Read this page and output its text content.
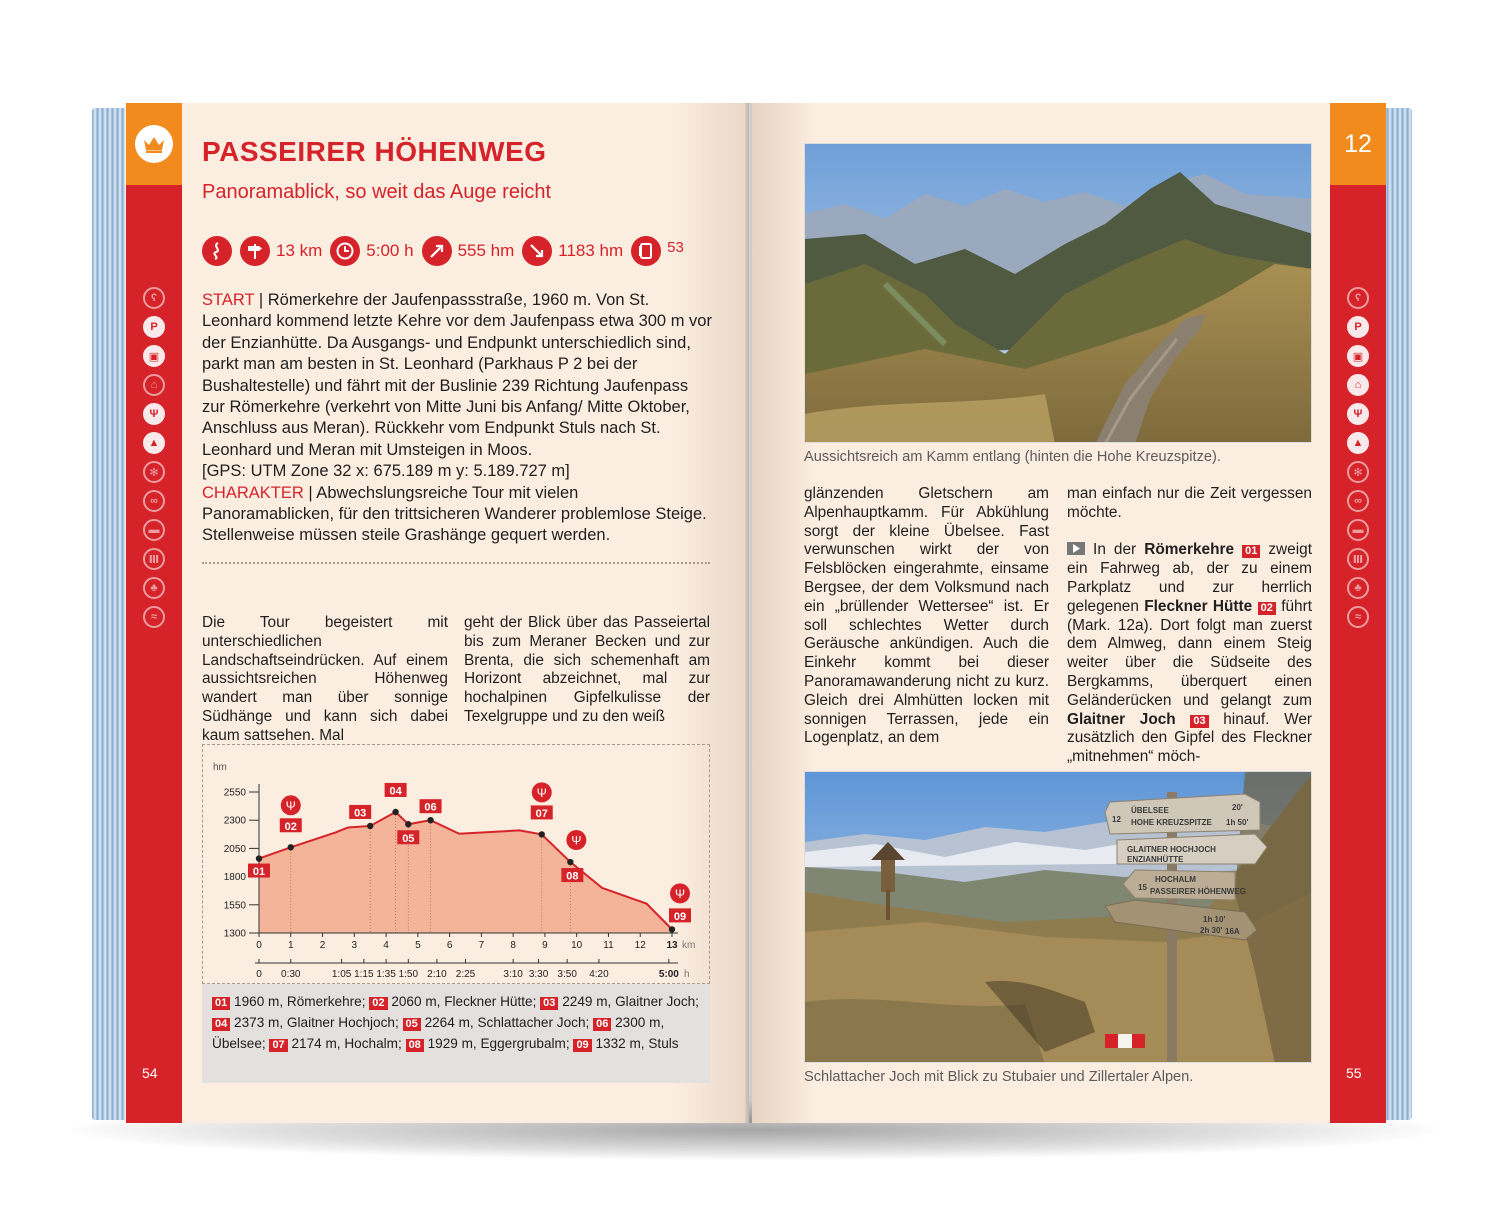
ʕ
P
▣
⌂
Ψ
▲
✻
∞
▬
Ⅲ
♣
≈
54
PASSEIRER HÖHENWEG
Panoramablick, so weit das Auge reicht
13 km	5:00 h	555 hm	1183 hm	53
START | Römerkehre der Jaufenpassstraße, 1960 m. Von St. Leonhard kommend letzte Kehre vor dem Jaufenpass etwa 300 m vor der Enzianhütte. Da Ausgangs- und Endpunkt unterschiedlich sind, parkt man am besten in St. Leonhard (Parkhaus P 2 bei der Bushaltestelle) und fährt mit der Buslinie 239 Richtung Jaufenpass zur Römerkehre (verkehrt von Mitte Juni bis Anfang/ Mitte Oktober, Anschluss aus Meran). Rückkehr vom Endpunkt Stuls nach St. Leonhard und Meran mit Umsteigen in Moos.
[GPS: UTM Zone 32 x: 675.189 m y: 5.189.727 m]
CHARAKTER | Abwechslungsreiche Tour mit vielen Panoramablicken, für den trittsicheren Wanderer problemlose Steige. Stellenweise müssen steile Grashänge gequert werden.
Die Tour begeistert mit unterschiedlichen Landschaftseindrücken. Auf einem aussichtsreichen Höhenweg wandert man über sonnige Südhänge und kann sich dabei kaum sattsehen. Mal
geht der Blick über das Passeiertal bis zum Meraner Becken und zur Brenta, die sich schemenhaft am Horizont abzeichnet, mal zur hochalpinen Gipfelkulisse der Texelgruppe und zu den weiß
hm
1300
1550
1800
2050
2300
2550
0	1	2	3	4	5	6	7	8	9 10 11 12 13 km
0 0:30	1:05 1:15 1:35 1:50 2:10 2:25	3:10 3:30 3:50 4:20	5:00 h
01
02
Ψ
03
04
05
06
07
Ψ
08
Ψ
09
Ψ
01 1960 m, Römerkehre; 02 2060 m, Fleckner Hütte; 03 2249 m, Glaitner Joch; 04 2373 m, Glaitner Hochjoch; 05 2264 m, Schlattacher Joch; 06 2300 m, Übelsee; 07 2174 m, Hochalm; 08 1929 m, Eggergrubalm; 09 1332 m, Stuls
12
ʕ
P
▣
⌂
Ψ
▲
✻
∞
▬
Ⅲ
♣
≈
55
Aussichtsreich am Kamm entlang (hinten die Hohe Kreuzspitze).
glänzenden Gletschern am Alpenhauptkamm. Für Abkühlung sorgt der kleine Übelsee. Fast verwunschen wirkt der von Felsblöcken eingerahmte, einsame Bergsee, der dem Volksmund nach ein „brüllender Wettersee“ ist. Er soll schlechtes Wetter durch Geräusche ankündigen. Auch die Einkehr kommt bei dieser Panoramawanderung nicht zu kurz. Gleich drei Almhütten locken mit sonnigen Terrassen, jede ein Logenplatz, an dem
man einfach nur die Zeit vergessen möchte.

In der Römerkehre 01 zweigt ein Fahrweg ab, der zu einem Parkplatz und zur herrlich gelegenen Fleckner Hütte 02 führt (Mark. 12a). Dort folgt man zuerst dem Almweg, dann einem Steig weiter über die Südseite des Bergkamms, überquert einen Geländerücken und gelangt zum Glaitner Joch 03 hinauf. Wer zusätzlich den Gipfel des Fleckner „mitnehmen“ möch-
ÜBELSEE
HOHE KREUZSPITZE
12
20'
1h 50'
GLAITNER HOCHJOCH
ENZIANHÜTTE
HOCHALM
PASSEIRER HÖHENWEG
15
1h 10'
2h 30' 16A
Schlattacher Joch mit Blick zu Stubaier und Zillertaler Alpen.
